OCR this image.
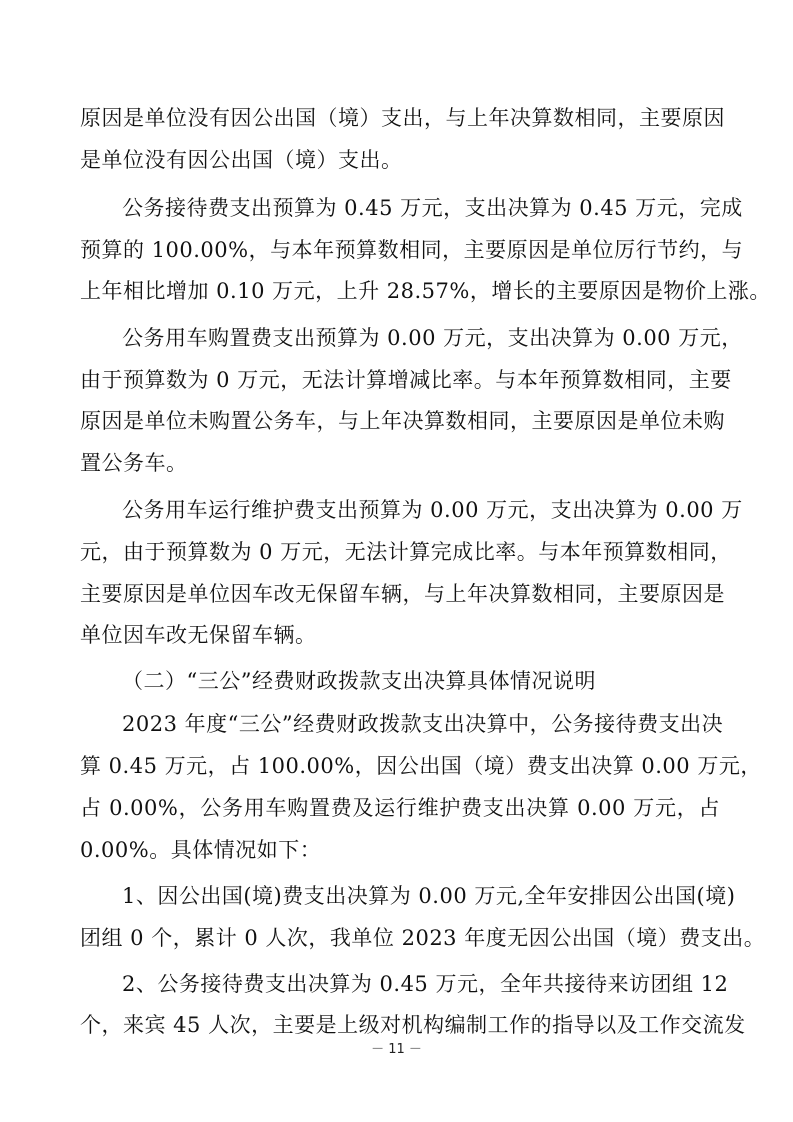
原因是单位没有因公出国（境）支出，与上年决算数相同，主要原因
是单位没有因公出国（境）支出。
公务接待费支出预算为 0.45 万元，支出决算为 0.45 万元，完成
预算的 100.00%，与本年预算数相同，主要原因是单位厉行节约，与
上年相比增加 0.10 万元，上升 28.57%，增长的主要原因是物价上涨。
公务用车购置费支出预算为 0.00 万元，支出决算为 0.00 万元，
由于预算数为 0 万元，无法计算增减比率。与本年预算数相同，主要
原因是单位未购置公务车，与上年决算数相同，主要原因是单位未购
置公务车。
公务用车运行维护费支出预算为 0.00 万元，支出决算为 0.00 万
元，由于预算数为 0 万元，无法计算完成比率。与本年预算数相同，
主要原因是单位因车改无保留车辆，与上年决算数相同，主要原因是
单位因车改无保留车辆。
（二）“三公”经费财政拨款支出决算具体情况说明
2023 年度“三公”经费财政拨款支出决算中，公务接待费支出决
算 0.45 万元，占 100.00%，因公出国（境）费支出决算 0.00 万元，
占 0.00%，公务用车购置费及运行维护费支出决算 0.00 万元，占
0.00%。具体情况如下：
1、因公出国(境)费支出决算为 0.00 万元,全年安排因公出国(境)
团组 0 个，累计 0 人次，我单位 2023 年度无因公出国（境）费支出。
2、公务接待费支出决算为 0.45 万元，全年共接待来访团组 12
个，来宾 45 人次，主要是上级对机构编制工作的指导以及工作交流发
－ 11 －
